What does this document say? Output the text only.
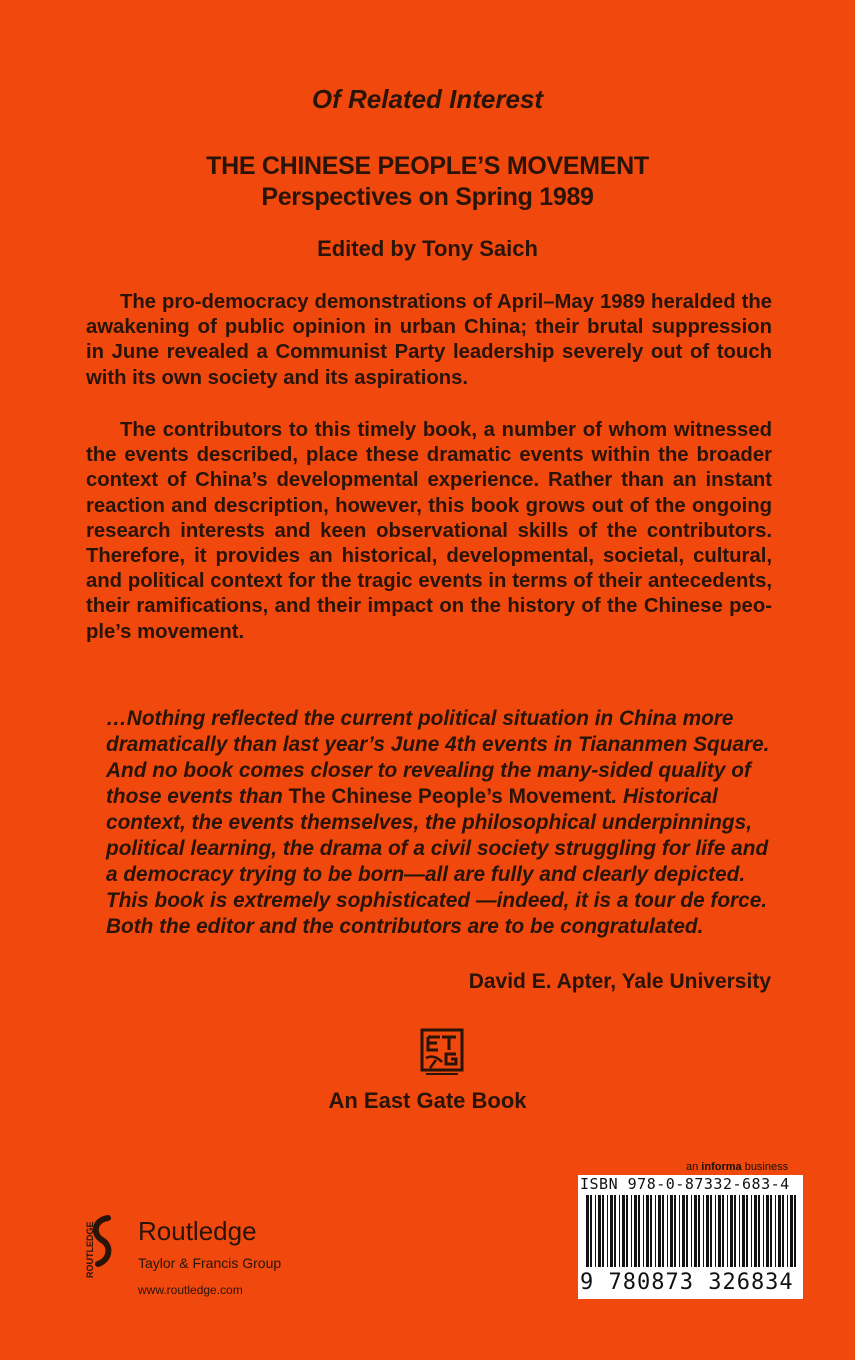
Of Related Interest
THE CHINESE PEOPLE’S MOVEMENT
Perspectives on Spring 1989
Edited by Tony Saich
The pro-democracy demonstrations of April–May 1989 heralded the awakening of public opinion in urban China; their brutal suppression in June revealed a Communist Party leadership severely out of touch with its own society and its aspirations.
The contributors to this timely book, a number of whom witnessed the events described, place these dramatic events within the broader context of China’s developmental experience. Rather than an instant reaction and description, however, this book grows out of the ongoing research interests and keen observational skills of the contributors. Therefore, it provides an historical, developmental, societal, cultural, and political context for the tragic events in terms of their antecedents, their ramifications, and their impact on the history of the Chinese people’s movement.
…Nothing reflected the current political situation in China more dramatically than last year’s June 4th events in Tiananmen Square. And no book comes closer to revealing the many-sided quality of those events than The Chinese People’s Movement. Historical context, the events themselves, the philosophical underpinnings, political learning, the drama of a civil society struggling for life and a democracy trying to be born—all are fully and clearly depicted. This book is extremely sophisticated —indeed, it is a tour de force. Both the editor and the contributors are to be congratulated.
David E. Apter, Yale University
An East Gate Book
an informa business
ISBN 978-0-87332-683-4
9 780873 326834
ROUTLEDGE Routledge
Taylor & Francis Group
www.routledge.com
